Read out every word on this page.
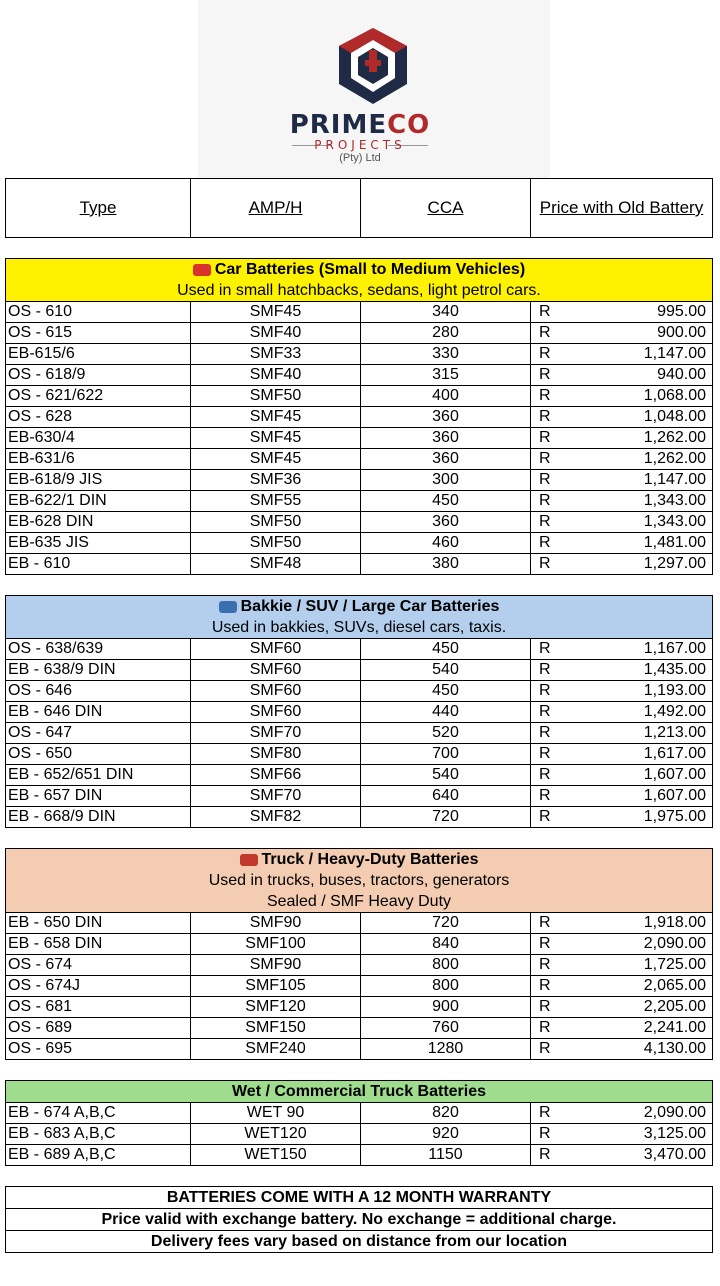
PRIMECO
PROJECTS
(Pty) Ltd
Type	AMP/H	CCA	Price with Old Battery

Car Batteries (Small to Medium Vehicles)
Used in small hatchbacks, sedans, light petrol cars.			

OS - 610	SMF45	340	R 995.00

OS - 615	SMF40	280	R 900.00

EB-615/6	SMF33	330	R 1,147.00

OS - 618/9	SMF40	315	R 940.00

OS - 621/622	SMF50	400	R 1,068.00

OS - 628	SMF45	360	R 1,048.00

EB-630/4	SMF45	360	R 1,262.00

EB-631/6	SMF45	360	R 1,262.00

EB-618/9 JIS	SMF36	300	R 1,147.00

EB-622/1 DIN	SMF55	450	R 1,343.00

EB-628 DIN	SMF50	360	R 1,343.00

EB-635 JIS	SMF50	460	R 1,481.00

EB - 610	SMF48	380	R 1,297.00

Bakkie / SUV / Large Car Batteries
Used in bakkies, SUVs, diesel cars, taxis.			

OS - 638/639	SMF60	450	R 1,167.00

EB - 638/9 DIN	SMF60	540	R 1,435.00

OS - 646	SMF60	450	R 1,193.00

EB - 646 DIN	SMF60	440	R 1,492.00

OS - 647	SMF70	520	R 1,213.00

OS - 650	SMF80	700	R 1,617.00

EB - 652/651 DIN	SMF66	540	R 1,607.00

EB - 657 DIN	SMF70	640	R 1,607.00

EB - 668/9 DIN	SMF82	720	R 1,975.00

Truck / Heavy-Duty Batteries
Used in trucks, buses, tractors, generators
Sealed / SMF Heavy Duty			

EB - 650 DIN	SMF90	720	R 1,918.00

EB - 658 DIN	SMF100	840	R 2,090.00

OS - 674	SMF90	800	R 1,725.00

OS - 674J	SMF105	800	R 2,065.00

OS - 681	SMF120	900	R 2,205.00

OS - 689	SMF150	760	R 2,241.00

OS - 695	SMF240	1280	R 4,130.00

Wet / Commercial Truck Batteries			

EB - 674 A,B,C	WET 90	820	R 2,090.00

EB - 683 A,B,C	WET120	920	R 3,125.00

EB - 689 A,B,C	WET150	1150	R 3,470.00

BATTERIES COME WITH A 12 MONTH WARRANTY			
Price valid with exchange battery. No exchange = additional charge.			
Delivery fees vary based on distance from our location			
